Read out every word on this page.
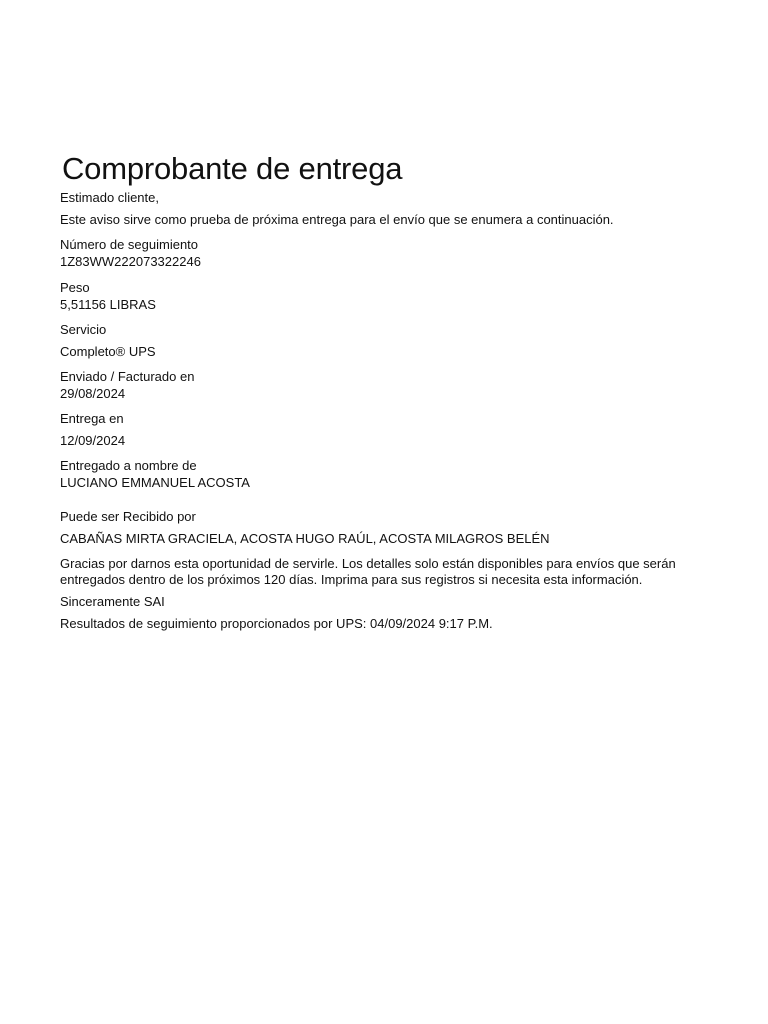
Comprobante de entrega

Estimado cliente,

Este aviso sirve como prueba de próxima entrega para el envío que se enumera a continuación.

Número de seguimiento
1Z83WW222073322246
Peso
5,51156 LIBRAS
Servicio
Completo® UPS
Enviado / Facturado en
29/08/2024
Entrega en
12/09/2024
Entregado a nombre de
LUCIANO EMMANUEL ACOSTA
Puede ser Recibido por
CABAÑAS MIRTA GRACIELA, ACOSTA HUGO RAÚL, ACOSTA MILAGROS BELÉN

Gracias por darnos esta oportunidad de servirle. Los detalles solo están disponibles para envíos que serán entregados dentro de los próximos 120 días. Imprima para sus registros si necesita esta información.

Sinceramente SAI

Resultados de seguimiento proporcionados por UPS: 04/09/2024 9:17 P.M.
